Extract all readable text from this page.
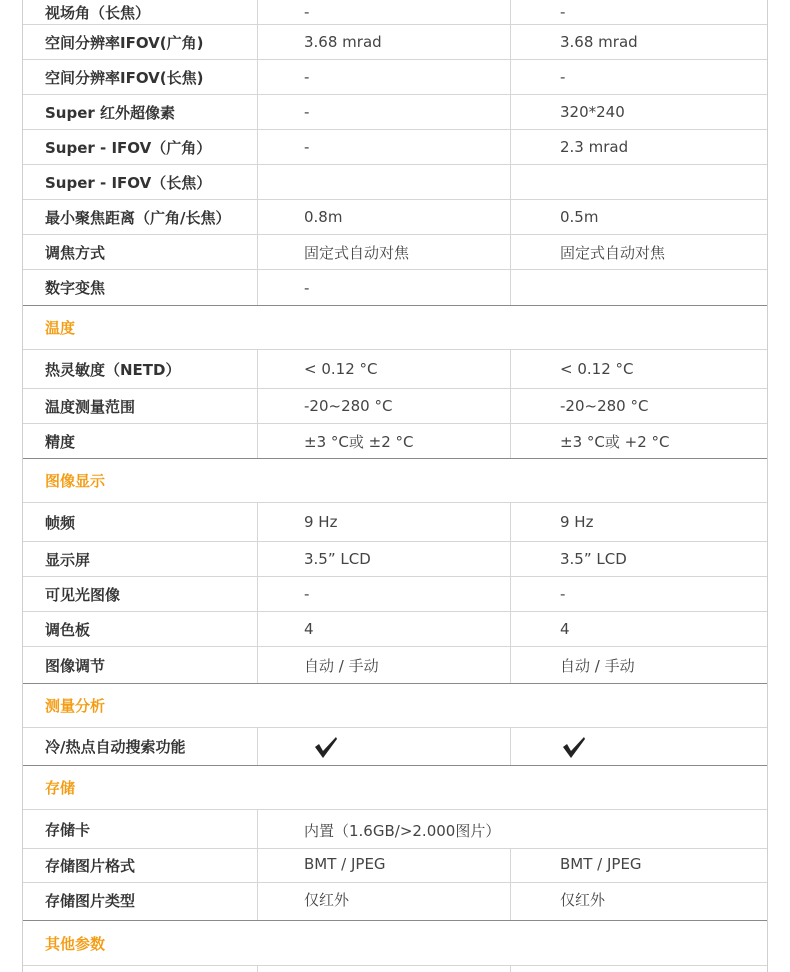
视场角（长焦）	-	-
空间分辨率IFOV(广角)	3.68 mrad	3.68 mrad
空间分辨率IFOV(长焦)	-	-
Super 红外超像素	-	320*240
Super - IFOV（广角）	-	2.3 mrad
Super - IFOV（长焦）
最小聚焦距离（广角/长焦）	0.8m	0.5m
调焦方式	固定式自动对焦	固定式自动对焦
数字变焦	-
温度
热灵敏度（NETD）	< 0.12 °C	< 0.12 °C
温度测量范围	-20~280 °C	-20~280 °C
精度	±3 °C或 ±2 °C	±3 °C或 +2 °C
图像显示
帧频	9 Hz	9 Hz
显示屏	3.5” LCD	3.5” LCD
可见光图像	-	-
调色板	4	4
图像调节	自动 / 手动	自动 / 手动
测量分析
冷/热点自动搜索功能
存储
存储卡	内置（1.6GB/>2.000图片）
存储图片格式	BMT / JPEG	BMT / JPEG
存储图片类型	仅红外	仅红外
其他参数
